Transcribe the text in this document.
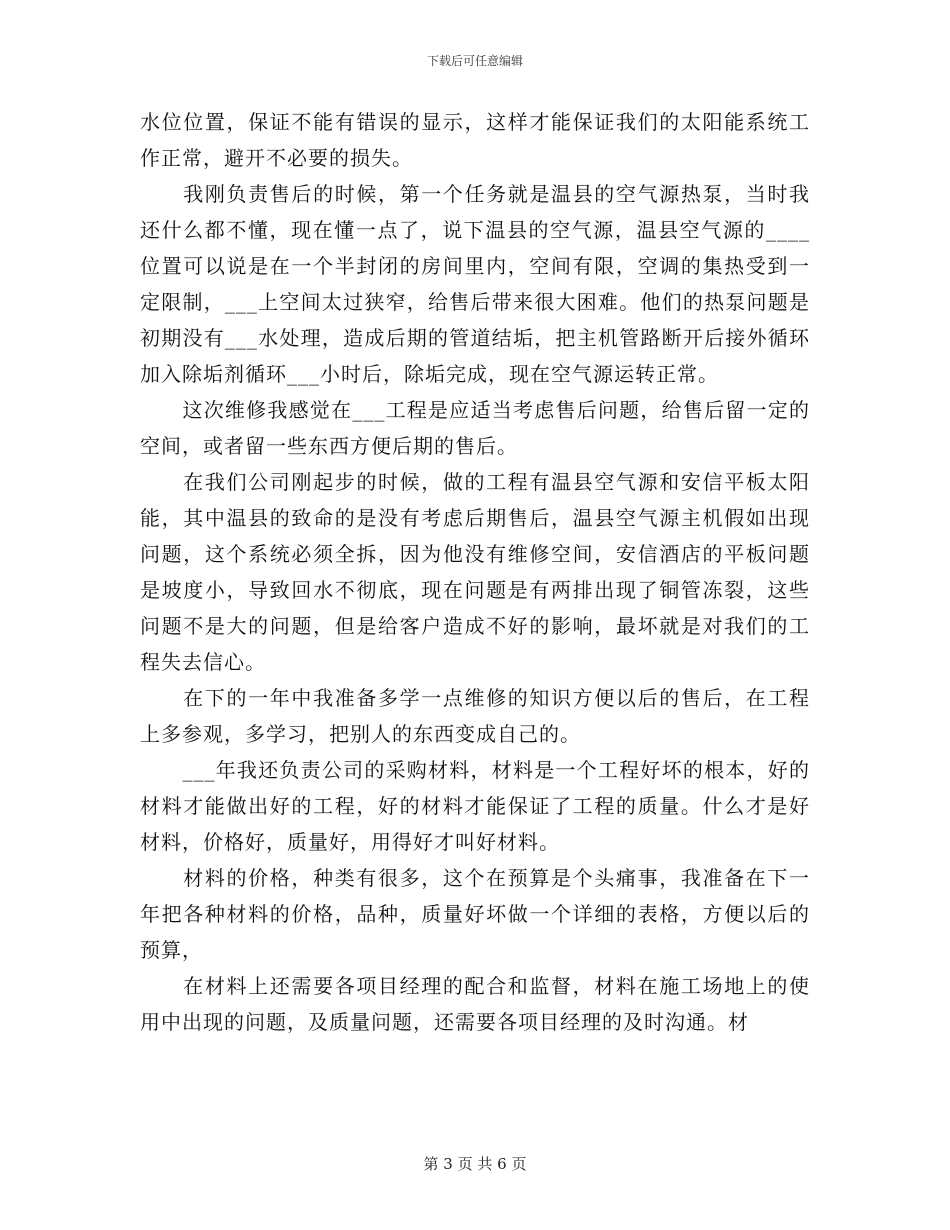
下载后可任意编辑

水位位置，保证不能有错误的显示，这样才能保证我们的太阳能系统工作正常，避开不必要的损失。

　　我刚负责售后的时候，第一个任务就是温县的空气源热泵，当时我还什么都不懂，现在懂一点了，说下温县的空气源，温县空气源的____位置可以说是在一个半封闭的房间里内，空间有限，空调的集热受到一定限制，___上空间太过狭窄，给售后带来很大困难。他们的热泵问题是初期没有___水处理，造成后期的管道结垢，把主机管路断开后接外循环加入除垢剂循环___小时后，除垢完成，现在空气源运转正常。

　　这次维修我感觉在___工程是应适当考虑售后问题，给售后留一定的空间，或者留一些东西方便后期的售后。

　　在我们公司刚起步的时候，做的工程有温县空气源和安信平板太阳能，其中温县的致命的是没有考虑后期售后，温县空气源主机假如出现问题，这个系统必须全拆，因为他没有维修空间，安信酒店的平板问题是坡度小，导致回水不彻底，现在问题是有两排出现了铜管冻裂，这些问题不是大的问题，但是给客户造成不好的影响，最坏就是对我们的工程失去信心。

　　在下的一年中我准备多学一点维修的知识方便以后的售后，在工程上多参观，多学习，把别人的东西变成自己的。

　　___年我还负责公司的采购材料，材料是一个工程好坏的根本，好的材料才能做出好的工程，好的材料才能保证了工程的质量。什么才是好材料，价格好，质量好，用得好才叫好材料。

　　材料的价格，种类有很多，这个在预算是个头痛事，我准备在下一年把各种材料的价格，品种，质量好坏做一个详细的表格，方便以后的预算，

　　在材料上还需要各项目经理的配合和监督，材料在施工场地上的使用中出现的问题，及质量问题，还需要各项目经理的及时沟通。材

第 3 页 共 6 页
